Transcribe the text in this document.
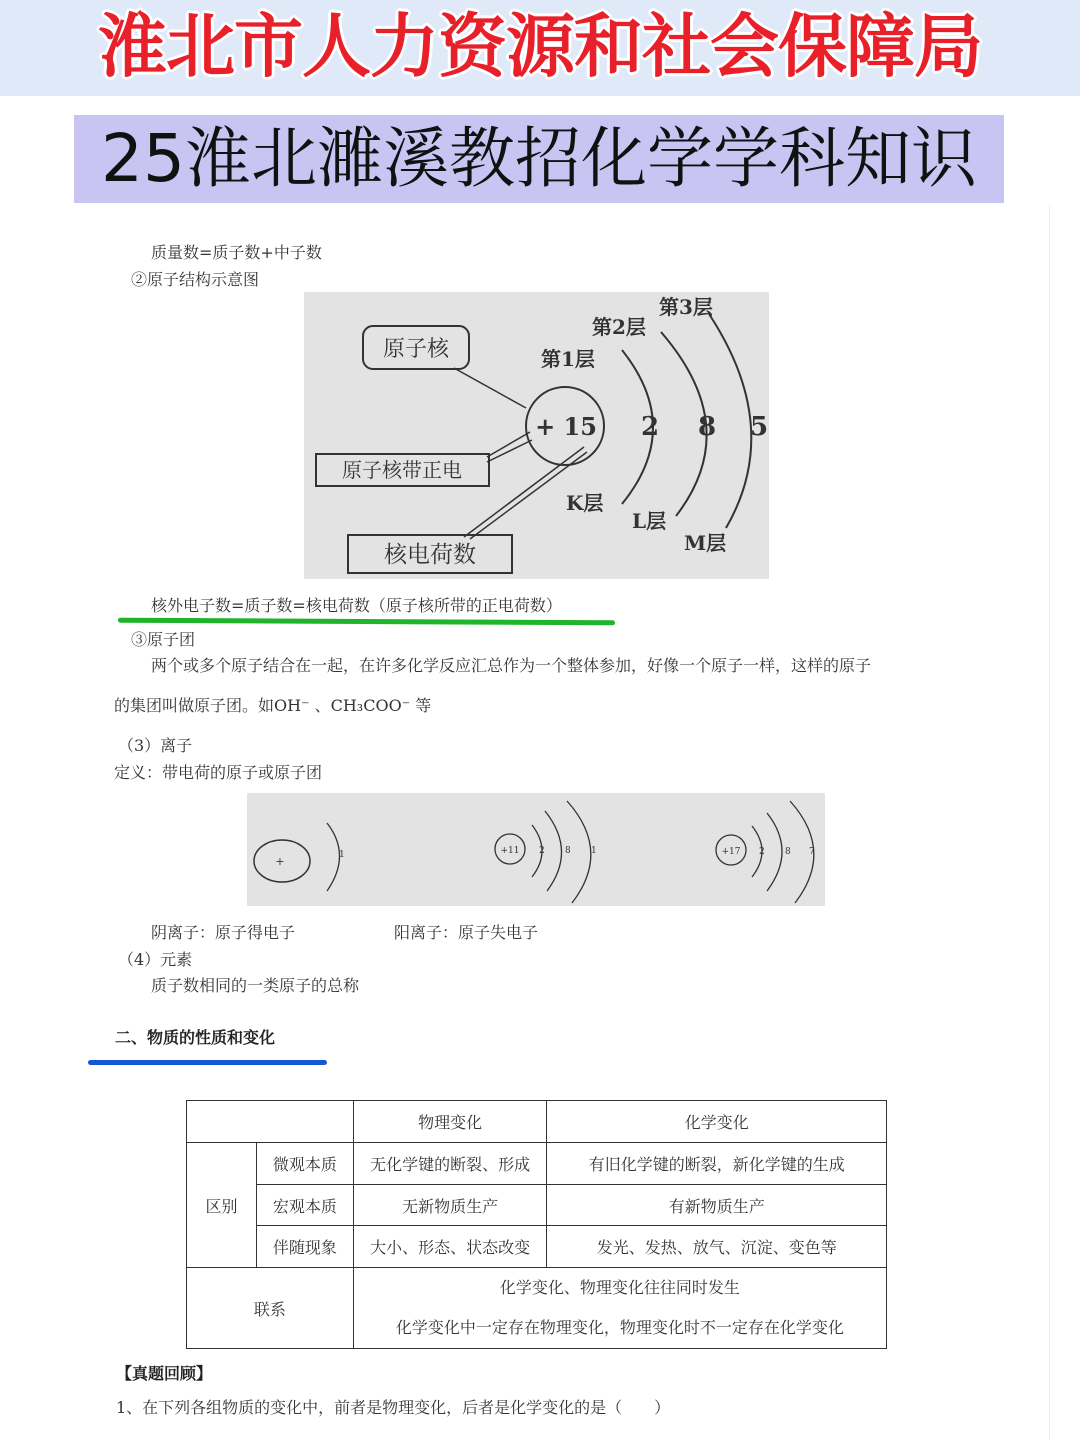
淮北市人力资源和社会保障局
25淮北濉溪教招化学学科知识
质量数=质子数+中子数
②原子结构示意图
原子核
原子核带正电
核电荷数
+ 15
第1层
第2层
第3层
2 8 5
K层
L层
M层
核外电子数=质子数=核电荷数（原子核所带的正电荷数）
③原子团
两个或多个原子结合在一起，在许多化学反应汇总作为一个整体参加，好像一个原子一样，这样的原子
的集团叫做原子团。如OH⁻ 、CH₃COO⁻ 等
（3）离子
定义：带电荷的原子或原子团
+	1	+11 2 8 1	+17 2 8 7
阴离子：原子得电子	阳离子：原子失电子
（4）元素
质子数相同的一类原子的总称
二、物质的性质和变化
		物理变化	化学变化
区别	微观本质	无化学键的断裂、形成	有旧化学键的断裂，新化学键的生成
	宏观本质	无新物质生产	有新物质生产
	伴随现象	大小、形态、状态改变	发光、发热、放气、沉淀、变色等
联系		化学变化、物理变化往往同时发生
化学变化中一定存在物理变化，物理变化时不一定存在化学变化	
【真题回顾】
1、在下列各组物质的变化中，前者是物理变化，后者是化学变化的是（　　）
